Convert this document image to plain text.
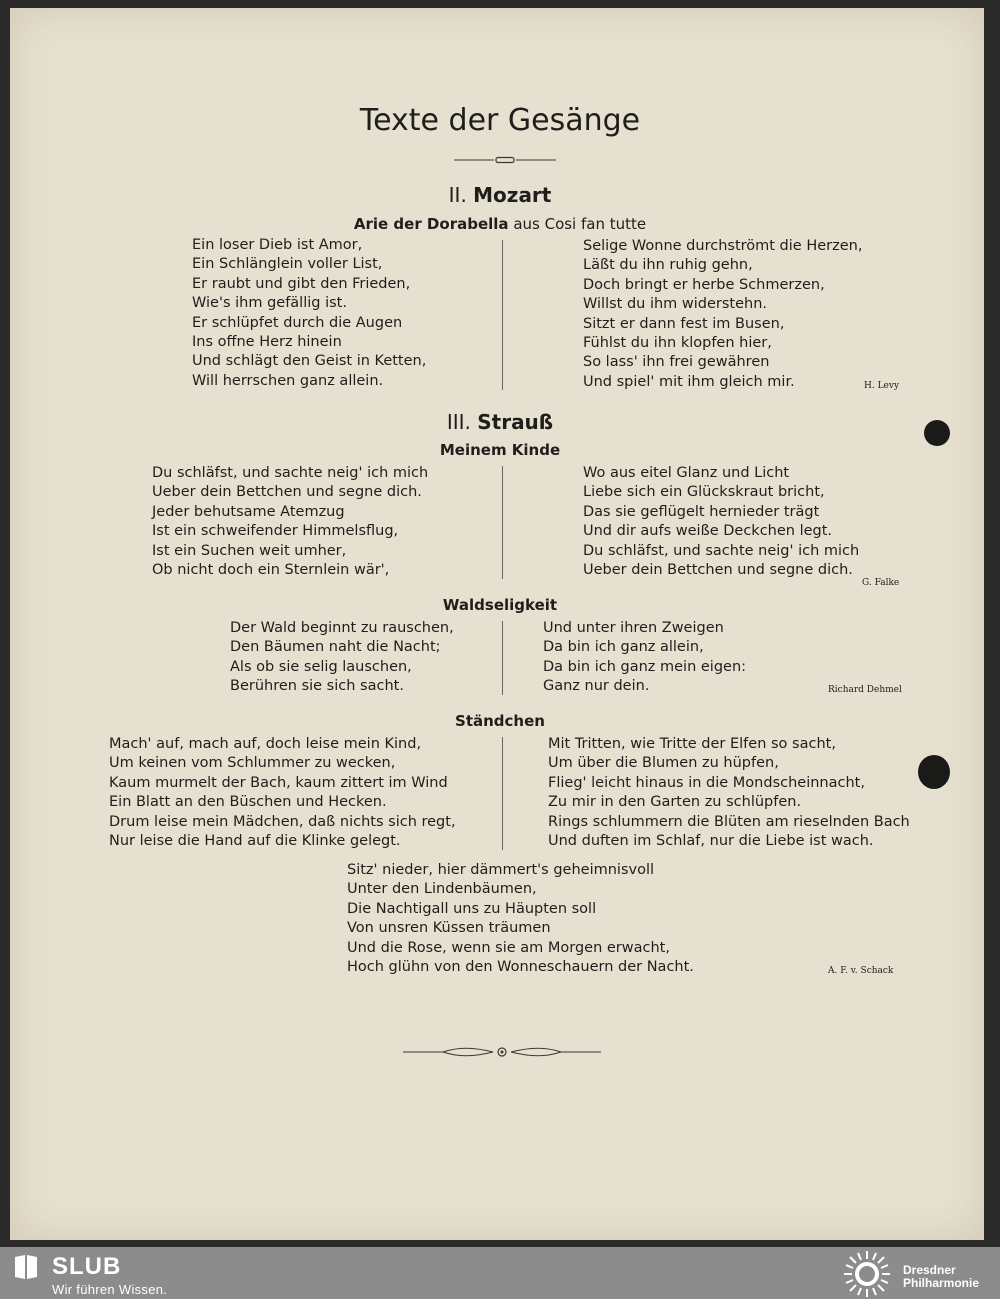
Texte der Gesänge
II. Mozart
Arie der Dorabella aus Cosi fan tutte
Ein loser Dieb ist Amor,
Ein Schlänglein voller List,
Er raubt und gibt den Frieden,
Wie's ihm gefällig ist.
Er schlüpfet durch die Augen
Ins offne Herz hinein
Und schlägt den Geist in Ketten,
Will herrschen ganz allein.
Selige Wonne durchströmt die Herzen,
Läßt du ihn ruhig gehn,
Doch bringt er herbe Schmerzen,
Willst du ihm widerstehn.
Sitzt er dann fest im Busen,
Fühlst du ihn klopfen hier,
So lass' ihn frei gewähren
Und spiel' mit ihm gleich mir.	H. Levy
III. Strauß
Meinem Kinde
Du schläfst, und sachte neig' ich mich
Ueber dein Bettchen und segne dich.
Jeder behutsame Atemzug
Ist ein schweifender Himmelsflug,
Ist ein Suchen weit umher,
Ob nicht doch ein Sternlein wär',
Wo aus eitel Glanz und Licht
Liebe sich ein Glückskraut bricht,
Das sie geflügelt hernieder trägt
Und dir aufs weiße Deckchen legt.
Du schläfst, und sachte neig' ich mich
Ueber dein Bettchen und segne dich.
G. Falke
Waldseligkeit
Der Wald beginnt zu rauschen,
Den Bäumen naht die Nacht;
Als ob sie selig lauschen,
Berühren sie sich sacht.
Und unter ihren Zweigen
Da bin ich ganz allein,
Da bin ich ganz mein eigen:
Ganz nur dein.	Richard Dehmel
Ständchen
Mach' auf, mach auf, doch leise mein Kind,
Um keinen vom Schlummer zu wecken,
Kaum murmelt der Bach, kaum zittert im Wind
Ein Blatt an den Büschen und Hecken.
Drum leise mein Mädchen, daß nichts sich regt,
Nur leise die Hand auf die Klinke gelegt.
Mit Tritten, wie Tritte der Elfen so sacht,
Um über die Blumen zu hüpfen,
Flieg' leicht hinaus in die Mondscheinnacht,
Zu mir in den Garten zu schlüpfen.
Rings schlummern die Blüten am rieselnden Bach
Und duften im Schlaf, nur die Liebe ist wach.
Sitz' nieder, hier dämmert's geheimnisvoll
Unter den Lindenbäumen,
Die Nachtigall uns zu Häupten soll
Von unsren Küssen träumen
Und die Rose, wenn sie am Morgen erwacht,
Hoch glühn von den Wonneschauern der Nacht.	A. F. v. Schack
SLUB
Wir führen Wissen.
Dresdner
Philharmonie
